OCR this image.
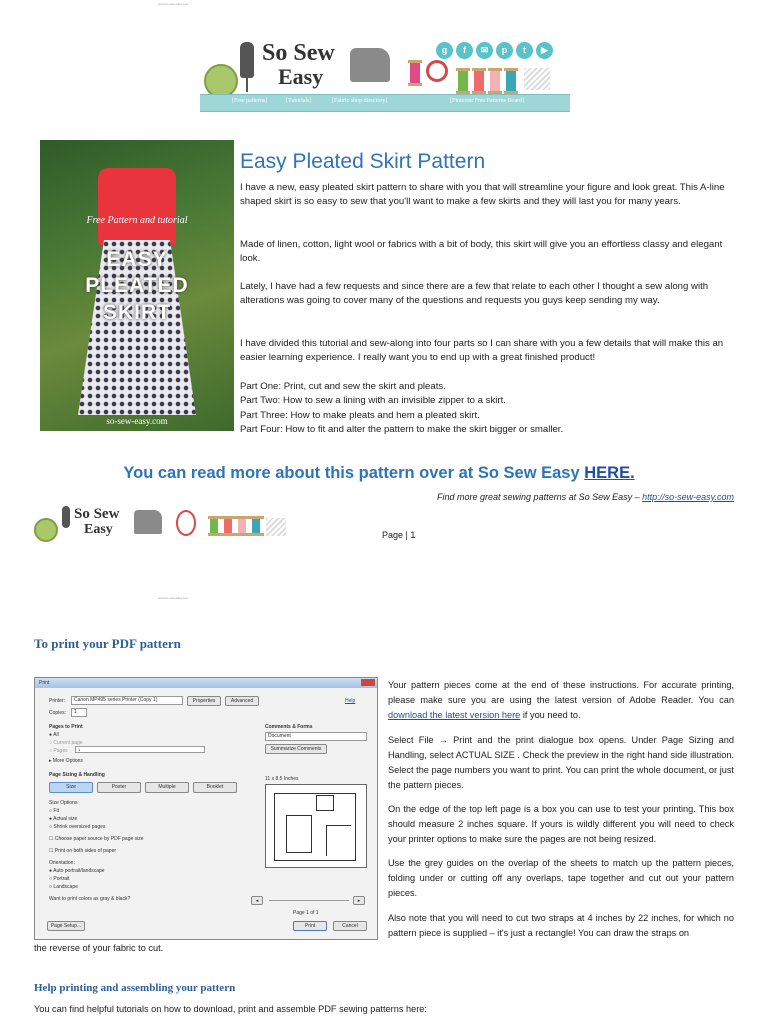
www.so-sew-easy.com
www.so-sew-easy.com
So Sew
Easy
g	f	✉	p	t	▶
[Free patterns]	[Tutorials]	[Fabric shop directory]	[Pinterest Free Patterns Board]
Free Pattern and tutorial
EASY
PLEATED
SKIRT
so-sew-easy.com
Easy Pleated Skirt Pattern

I have a new, easy pleated skirt pattern to share with you that will streamline your figure and look great. This A-line shaped skirt is so easy to sew that you'll want to make a few skirts and they will last you for many years.

Made of linen, cotton, light wool or fabrics with a bit of body, this skirt will give you an effortless classy and elegant look.

Lately, I have had a few requests and since there are a few that relate to each other I thought a sew along with alterations was going to cover many of the questions and requests you guys keep sending my way.

I have divided this tutorial and sew-along into four parts so I can share with you a few details that will make this an easier learning experience. I really want you to end up with a great finished product!

Part One: Print, cut and sew the skirt and pleats.
Part Two: How to sew a lining with an invisible zipper to a skirt.
Part Three: How to make pleats and hem a pleated skirt.
Part Four: How to fit and alter the pattern to make the skirt bigger or smaller.
You can read more about this pattern over at So Sew Easy HERE.
Find more great sewing patterns at So Sew Easy – http://so-sew-easy.com
So Sew
Easy	Page | 1
To print your PDF pattern
Print
Printer:	Canon MP495 series Printer (Copy 1)	Properties	Advanced	Help
Copies:	1
Pages to Print
● All
○ Current page
○ Pages	1
▸ More Options
Page Sizing & Handling
Size	Poster	Multiple	Booklet
Size Options:
○ Fit
● Actual size
○ Shrink oversized pages
☐ Choose paper source by PDF page size
☐ Print on both sides of paper
Orientation:
● Auto portrait/landscape
○ Portrait
○ Landscape
Want to print colors as gray & black?
Comments & Forms
Document
Summarize Comments
11 x 8.5 Inches
◂	▸
Page 1 of 1
Page Setup...	Print	Cancel

Your pattern pieces come at the end of these instructions. For accurate printing, please make sure you are using the latest version of Adobe Reader. You can download the latest version here if you need to.

Select File → Print and the print dialogue box opens. Under Page Sizing and Handling, select ACTUAL SIZE . Check the preview in the right hand side illustration. Select the page numbers you want to print. You can print the whole document, or just the pattern pieces.

On the edge of the top left page is a box you can use to test your printing. This box should measure 2 inches square. If yours is wildly different you will need to check your printer options to make sure the pages are not being resized.

Use the grey guides on the overlap of the sheets to match up the pattern pieces, folding under or cutting off any overlaps, tape together and cut out your pattern pieces.

Also note that you will need to cut two straps at 4 inches by 22 inches, for which no pattern piece is supplied – it's just a rectangle! You can draw the straps on

the reverse of your fabric to cut.
Help printing and assembling your pattern
You can find helpful tutorials on how to download, print and assemble PDF sewing patterns here:
